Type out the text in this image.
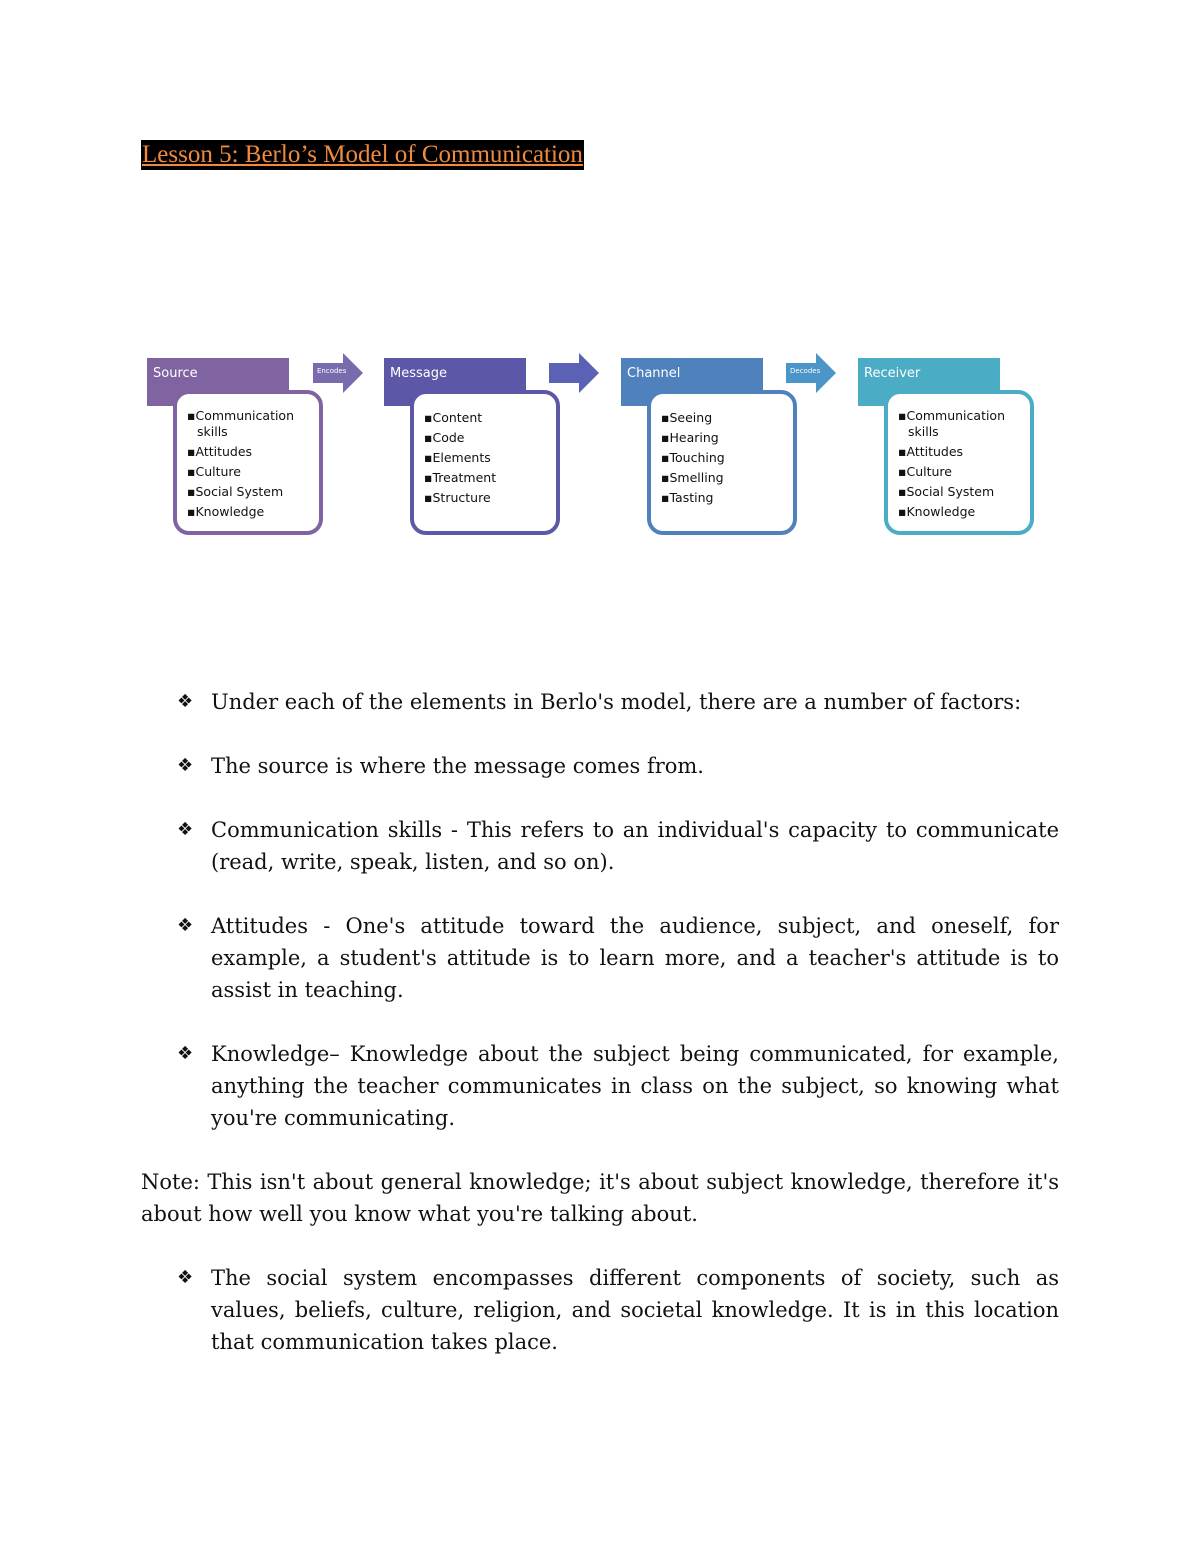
Lesson 5: Berlo’s Model of Communication
Source
▪ Communication skills
▪ Attitudes
▪ Culture
▪ Social System
▪ Knowledge
Encodes	Message
▪ Content
▪ Code
▪ Elements
▪ Treatment
▪ Structure
Channel
▪ Seeing
▪ Hearing
▪ Touching
▪ Smelling
▪ Tasting
Decodes	Receiver
▪ Communication skills
▪ Attitudes
▪ Culture
▪ Social System
▪ Knowledge
❖ Under each of the elements in Berlo's model, there are a number of factors:
❖ The source is where the message comes from.
❖ Communication skills - This refers to an individual's capacity to communicate (read, write, speak, listen, and so on).
❖ Attitudes - One's attitude toward the audience, subject, and oneself, for example, a student's attitude is to learn more, and a teacher's attitude is to assist in teaching.
❖ Knowledge– Knowledge about the subject being communicated, for example, anything the teacher communicates in class on the subject, so knowing what you're communicating.
Note: This isn't about general knowledge; it's about subject knowledge, therefore it's about how well you know what you're talking about.
❖ The social system encompasses different components of society, such as values, beliefs, culture, religion, and societal knowledge. It is in this location that communication takes place.
